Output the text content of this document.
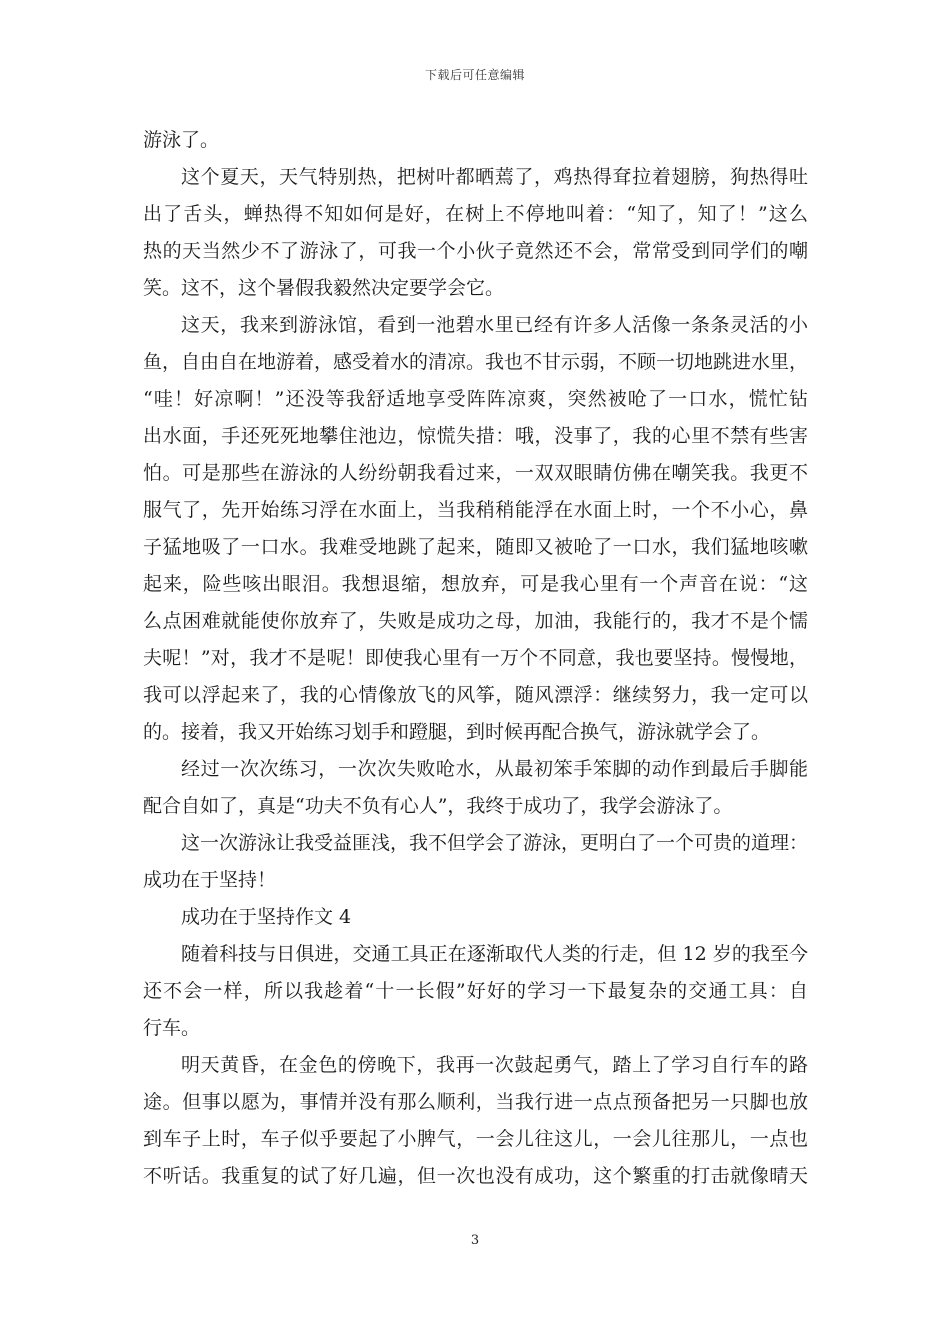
下载后可任意编辑
游泳了。
这个夏天，天气特别热，把树叶都晒蔫了，鸡热得耷拉着翅膀，狗热得吐
出了舌头，蝉热得不知如何是好，在树上不停地叫着：“知了，知了！”这么
热的天当然少不了游泳了，可我一个小伙子竟然还不会，常常受到同学们的嘲
笑。这不，这个暑假我毅然决定要学会它。
这天，我来到游泳馆，看到一池碧水里已经有许多人活像一条条灵活的小
鱼，自由自在地游着，感受着水的清凉。我也不甘示弱，不顾一切地跳进水里，
“哇！好凉啊！”还没等我舒适地享受阵阵凉爽，突然被呛了一口水，慌忙钻
出水面，手还死死地攀住池边，惊慌失措：哦，没事了，我的心里不禁有些害
怕。可是那些在游泳的人纷纷朝我看过来，一双双眼睛仿佛在嘲笑我。我更不
服气了，先开始练习浮在水面上，当我稍稍能浮在水面上时，一个不小心，鼻
子猛地吸了一口水。我难受地跳了起来，随即又被呛了一口水，我们猛地咳嗽
起来，险些咳出眼泪。我想退缩，想放弃，可是我心里有一个声音在说：“这
么点困难就能使你放弃了，失败是成功之母，加油，我能行的，我才不是个懦
夫呢！”对，我才不是呢！即使我心里有一万个不同意，我也要坚持。慢慢地，
我可以浮起来了，我的心情像放飞的风筝，随风漂浮：继续努力，我一定可以
的。接着，我又开始练习划手和蹬腿，到时候再配合换气，游泳就学会了。
经过一次次练习，一次次失败呛水，从最初笨手笨脚的动作到最后手脚能
配合自如了，真是“功夫不负有心人”，我终于成功了，我学会游泳了。
这一次游泳让我受益匪浅，我不但学会了游泳，更明白了一个可贵的道理：
成功在于坚持！
成功在于坚持作文 4
随着科技与日俱进，交通工具正在逐渐取代人类的行走，但 12 岁的我至今
还不会一样，所以我趁着“十一长假”好好的学习一下最复杂的交通工具：自
行车。
明天黄昏，在金色的傍晚下，我再一次鼓起勇气，踏上了学习自行车的路
途。但事以愿为，事情并没有那么顺利，当我行进一点点预备把另一只脚也放
到车子上时，车子似乎要起了小脾气，一会儿往这儿，一会儿往那儿，一点也
不听话。我重复的试了好几遍，但一次也没有成功，这个繁重的打击就像晴天
3
